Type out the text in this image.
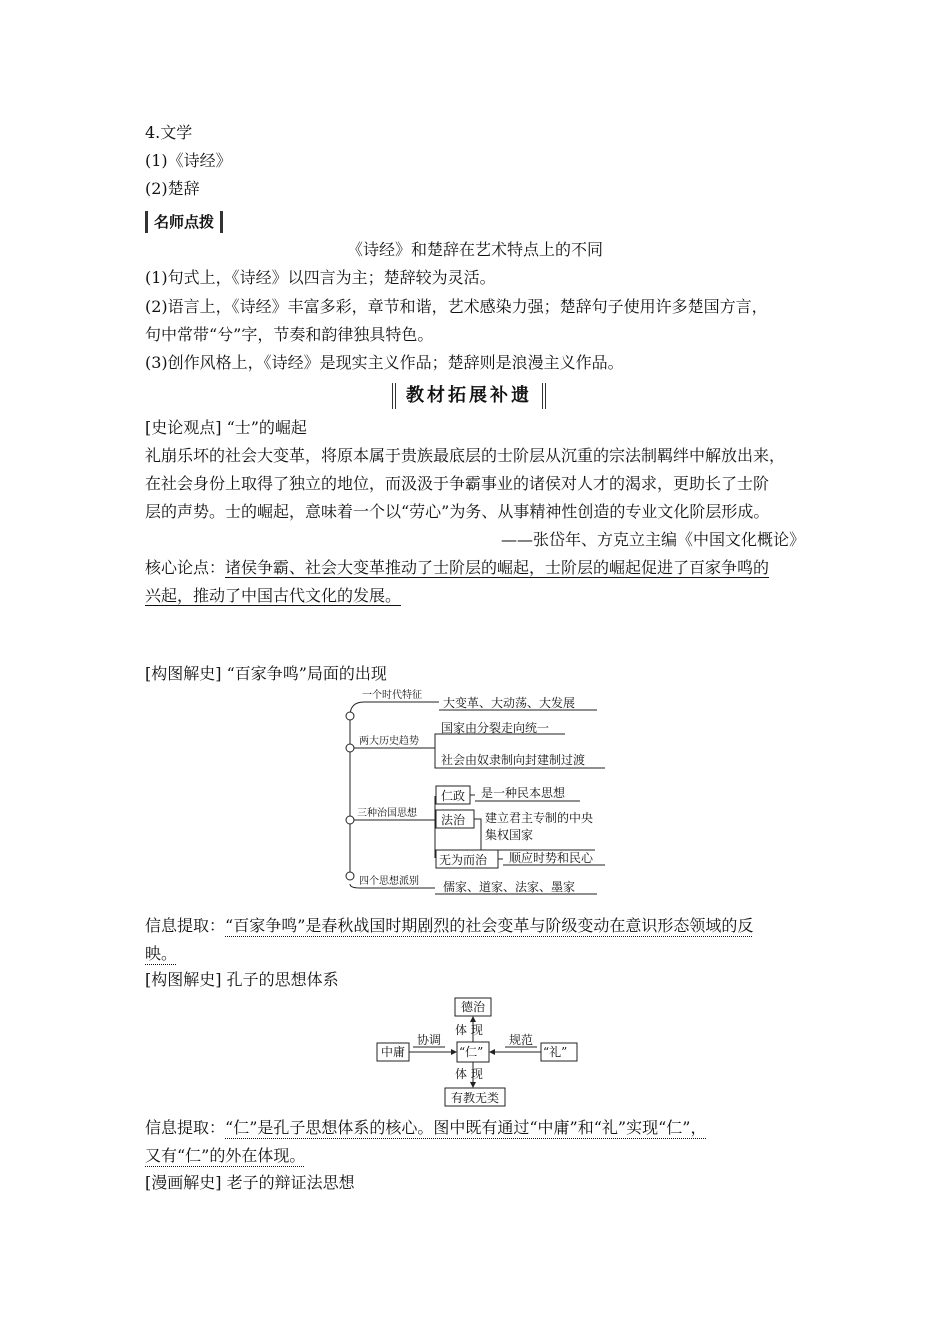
4.文学
(1)《诗经》
(2)楚辞
名师点拨
《诗经》和楚辞在艺术特点上的不同
(1)句式上，《诗经》以四言为主；楚辞较为灵活。
(2)语言上，《诗经》丰富多彩，章节和谐，艺术感染力强；楚辞句子使用许多楚国方言，
句中常带“兮”字，节奏和韵律独具特色。
(3)创作风格上，《诗经》是现实主义作品；楚辞则是浪漫主义作品。
教材拓展补遗
[史论观点] “士”的崛起
礼崩乐坏的社会大变革，将原本属于贵族最底层的士阶层从沉重的宗法制羁绊中解放出来，
在社会身份上取得了独立的地位，而汲汲于争霸事业的诸侯对人才的渴求，更助长了士阶
层的声势。士的崛起，意味着一个以“劳心”为务、从事精神性创造的专业文化阶层形成。
——张岱年、方克立主编《中国文化概论》
核心论点：诸侯争霸、社会大变革推动了士阶层的崛起，士阶层的崛起促进了百家争鸣的
兴起，推动了中国古代文化的发展。
[构图解史] “百家争鸣”局面的出现
一个时代特征
两大历史趋势
三种治国思想
四个思想派别
大变革、大动荡、大发展
国家由分裂走向统一
社会由奴隶制向封建制过渡
仁政 是一种民本思想
法治 建立君主专制的中央
集权国家
无为而治 顺应时势和民心
儒家、道家、法家、墨家
信息提取：“百家争鸣”是春秋战国时期剧烈的社会变革与阶级变动在意识形态领域的反
映。
[构图解史] 孔子的思想体系
德治
“仁”
中庸	“礼”
有教无类
协调	规范
体 现
体 现
信息提取：“仁”是孔子思想体系的核心。图中既有通过“中庸”和“礼”实现“仁”，
又有“仁”的外在体现。
[漫画解史] 老子的辩证法思想
